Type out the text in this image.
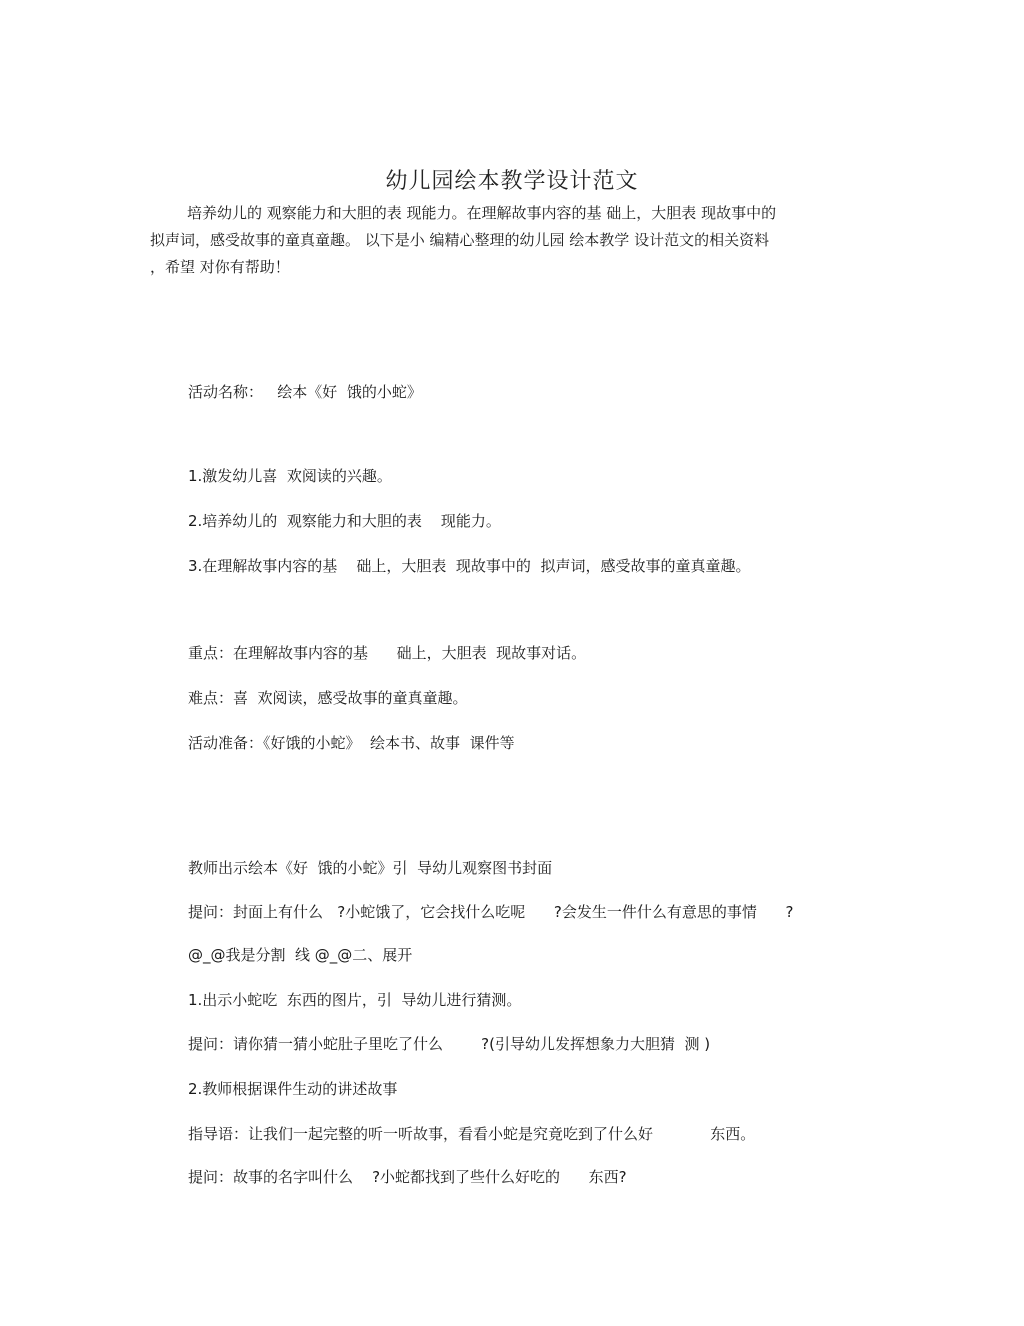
幼儿园绘本教学设计范文
培养幼儿的 观察能力和大胆的表 现能力。在理解故事内容的基 础上，大胆表 现故事中的
拟声词，感受故事的童真童趣。 以下是小 编精心整理的幼儿园 绘本教学 设计范文的相关资料
，希望 对你有帮助！
活动名称：   绘本《好  饿的小蛇》
1.激发幼儿喜  欢阅读的兴趣。
2.培养幼儿的  观察能力和大胆的表    现能力。
3.在理解故事内容的基    础上，大胆表  现故事中的  拟声词，感受故事的童真童趣。
重点：在理解故事内容的基      础上，大胆表  现故事对话。
难点：喜  欢阅读，感受故事的童真童趣。
活动准备：《好饿的小蛇》  绘本书、故事  课件等
教师出示绘本《好  饿的小蛇》引  导幼儿观察图书封面
提问：封面上有什么   ?小蛇饿了，它会找什么吃呢      ?会发生一件什么有意思的事情      ?
@_@我是分割  线 @_@二、展开
1.出示小蛇吃  东西的图片，引  导幼儿进行猜测。
提问：请你猜一猜小蛇肚子里吃了什么        ?(引导幼儿发挥想象力大胆猜  测 )
2.教师根据课件生动的讲述故事
指导语：让我们一起完整的听一听故事，看看小蛇是究竟吃到了什么好            东西。
提问：故事的名字叫什么    ?小蛇都找到了些什么好吃的      东西?
